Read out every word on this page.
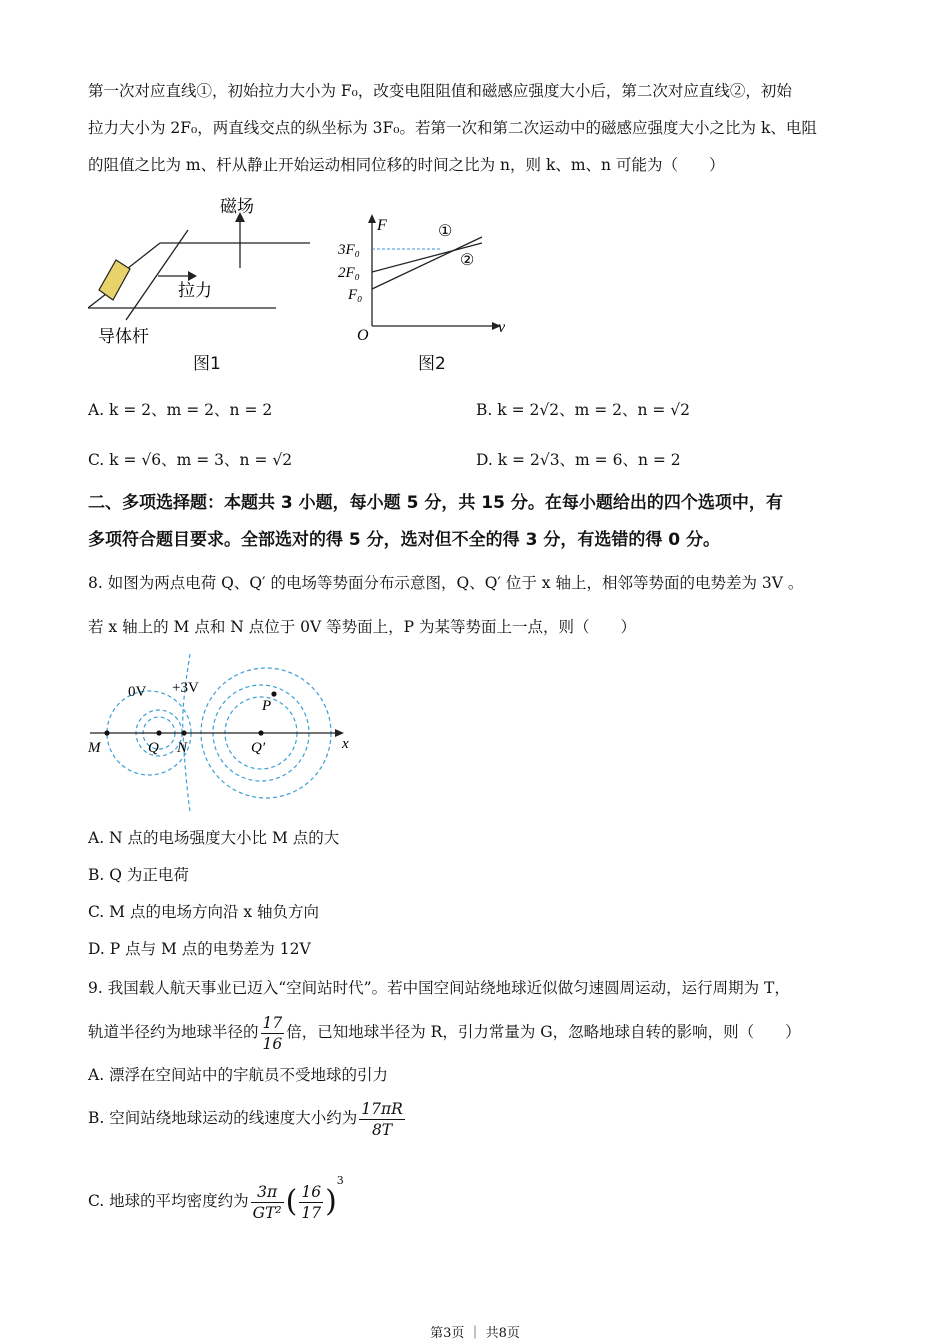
第一次对应直线①，初始拉力大小为 F₀，改变电阻阻值和磁感应强度大小后，第二次对应直线②，初始
拉力大小为 2F₀，两直线交点的纵坐标为 3F₀。若第一次和第二次运动中的磁感应强度大小之比为 k、电阻
的阻值之比为 m、杆从静止开始运动相同位移的时间之比为 n，则 k、m、n 可能为（　　）
磁场
拉力
导体杆
图1
F
v
O
3F₀
2F₀
F₀
①
②
图2
A. k = 2、m = 2、n = 2	B. k = 2√2、m = 2、n = √2
C. k = √6、m = 3、n = √2	D. k = 2√3、m = 6、n = 2
二、多项选择题：本题共 3 小题，每小题 5 分，共 15 分。在每小题给出的四个选项中，有
多项符合题目要求。全部选对的得 5 分，选对但不全的得 3 分，有选错的得 0 分。
8. 如图为两点电荷 Q、Q′ 的电场等势面分布示意图，Q、Q′ 位于 x 轴上，相邻等势面的电势差为 3V 。
若 x 轴上的 M 点和 N 点位于 0V 等势面上，P 为某等势面上一点，则（　　）
M	Q N	Q′
P
x
0V +3V
A. N 点的电场强度大小比 M 点的大
B. Q 为正电荷
C. M 点的电场方向沿 x 轴负方向
D. P 点与 M 点的电势差为 12V
9. 我国载人航天事业已迈入“空间站时代”。若中国空间站绕地球近似做匀速圆周运动，运行周期为 T，
轨道半径约为地球半径的 $\frac{17}{16}$ 倍，已知地球半径为 R，引力常量为 G，忽略地球自转的影响，则（　　）
A. 漂浮在空间站中的宇航员不受地球的引力
B. 空间站绕地球运动的线速度大小约为 $\frac{17\pi R}{8T}$
C. 地球的平均密度约为 $\frac{3\pi}{\text{GT²}}$ ( $\frac{16}{17} )^3$
第3页 ｜ 共8页
